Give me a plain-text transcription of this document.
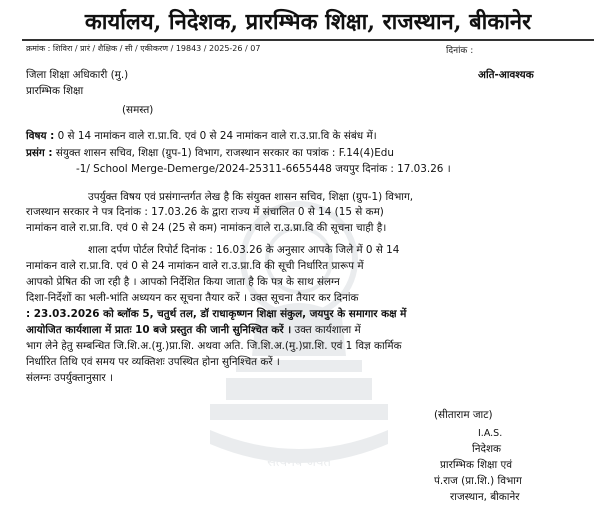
सत्यमेव जयते
कार्यालय, निदेशक, प्रारम्भिक शिक्षा, राजस्थान, बीकानेर
क्रमांक : शिविरा / प्रारं / शैक्षिक / सी / एकीकरण / 19843 / 2025-26 / 07	दिनांक :
जिला शिक्षा अधिकारी (मु.)	अति-आवश्यक
प्रारम्भिक शिक्षा
(समस्त)
विषय : 0 से 14 नामांकन वाले रा.प्रा.वि. एवं 0 से 24 नामांकन वाले रा.उ.प्रा.वि के संबंध में।
प्रसंग : संयुक्त शासन सचिव, शिक्षा (ग्रुप-1) विभाग, राजस्थान सरकार का पत्रांक : F.14(4)Edu
-1/ School Merge-Demerge/2024-25311-6655448 जयपुर दिनांक : 17.03.26 ।
उपर्युक्त विषय एवं प्रसंगान्तर्गत लेख है कि संयुक्त शासन सचिव, शिक्षा (ग्रुप-1) विभाग,
राजस्थान सरकार ने पत्र दिनांक : 17.03.26 के द्वारा राज्य में संचालित 0 से 14 (15 से कम)
नामांकन वाले रा.प्रा.वि. एवं 0 से 24 (25 से कम) नामांकन वाले रा.उ.प्रा.वि की सूचना चाही है।
शाला दर्पण पोर्टल रिपोर्ट दिनांक : 16.03.26 के अनुसार आपके जिले में 0 से 14
नामांकन वाले रा.प्रा.वि. एवं 0 से 24 नामांकन वाले रा.उ.प्रा.वि की सूची निर्धारित प्रारूप में
आपको प्रेषित की जा रही है । आपको निर्देशित किया जाता है कि पत्र के साथ संलग्न
दिशा-निर्देशों का भली-भांति अध्ययन कर सूचना तैयार करें । उक्त सूचना तैयार कर दिनांक
: 23.03.2026 को ब्लॉक 5, चतुर्थ तल, डॉ राधाकृष्णन शिक्षा संकुल, जयपुर के समागार कक्ष में
आयोजित कार्यशाला में प्रातः 10 बजे प्रस्तुत की जानी सुनिश्चित करें । उक्त कार्यशाला में
भाग लेने हेतु सम्बन्धित जि.शि.अ.(मु.)प्रा.शि. अथवा अति. जि.शि.अ.(मु.)प्रा.शि. एवं 1 विज्ञ कार्मिक
निर्धारित तिथि एवं समय पर व्यक्तिशः उपस्थित होना सुनिश्चित करें ।
संलग्नः उपर्युक्तानुसार ।
(सीताराम जाट)
I.A.S.
निदेशक
प्रारम्भिक शिक्षा एवं
पं.राज (प्रा.शि.) विभाग
राजस्थान, बीकानेर
